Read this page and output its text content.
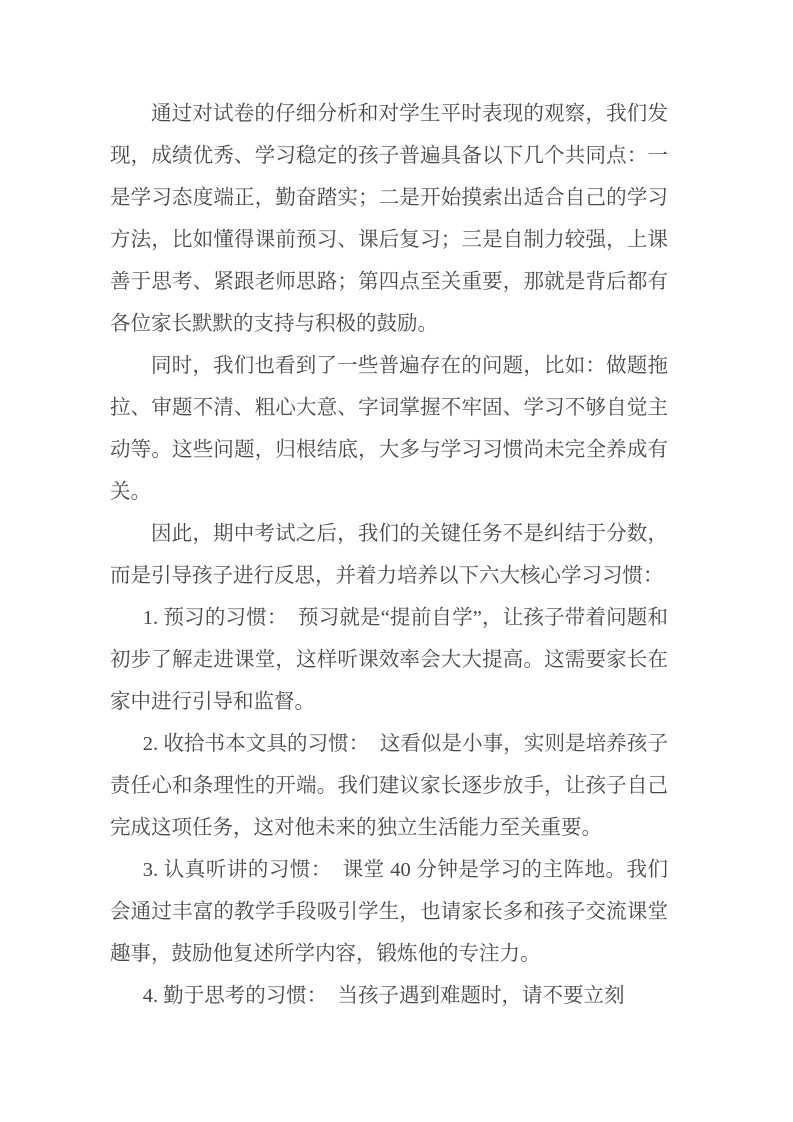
通过对试卷的仔细分析和对学生平时表现的观察，我们发现，成绩优秀、学习稳定的孩子普遍具备以下几个共同点：一是学习态度端正，勤奋踏实；二是开始摸索出适合自己的学习方法，比如懂得课前预习、课后复习；三是自制力较强，上课善于思考、紧跟老师思路；第四点至关重要，那就是背后都有各位家长默默的支持与积极的鼓励。

同时，我们也看到了一些普遍存在的问题，比如：做题拖拉、审题不清、粗心大意、字词掌握不牢固、学习不够自觉主动等。这些问题，归根结底，大多与学习习惯尚未完全养成有关。

因此，期中考试之后，我们的关键任务不是纠结于分数，而是引导孩子进行反思，并着力培养以下六大核心学习习惯：

1. 预习的习惯：　预习就是“提前自学”，让孩子带着问题和初步了解走进课堂，这样听课效率会大大提高。这需要家长在家中进行引导和监督。

2. 收拾书本文具的习惯：　这看似是小事，实则是培养孩子责任心和条理性的开端。我们建议家长逐步放手，让孩子自己完成这项任务，这对他未来的独立生活能力至关重要。

3. 认真听讲的习惯：　课堂 40 分钟是学习的主阵地。我们会通过丰富的教学手段吸引学生，也请家长多和孩子交流课堂趣事，鼓励他复述所学内容，锻炼他的专注力。

4. 勤于思考的习惯：　当孩子遇到难题时，请不要立刻
